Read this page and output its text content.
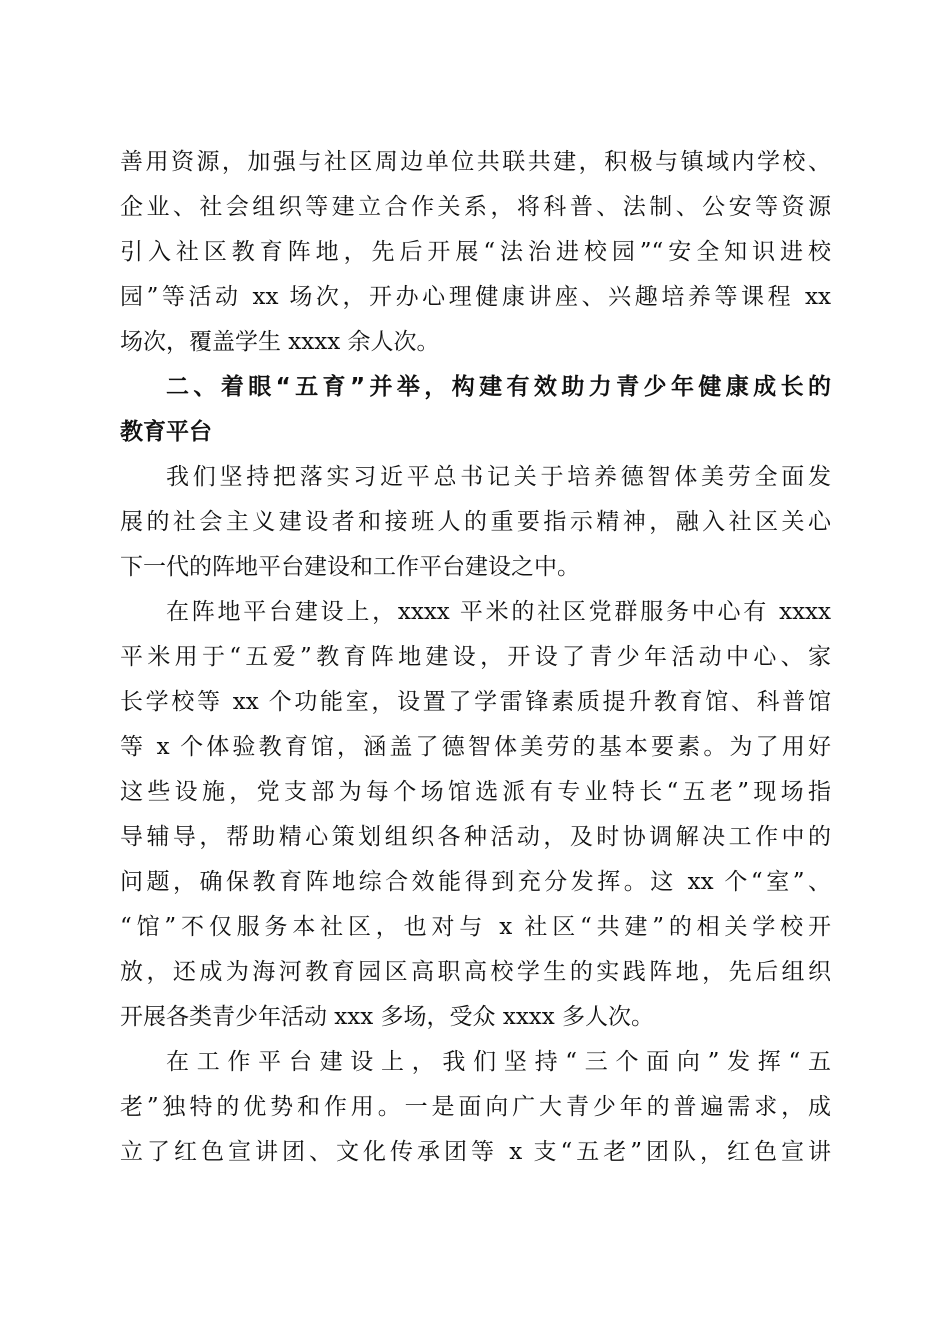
善用资源，加强与社区周边单位共联共建，积极与镇域内学校、
企业、社会组织等建立合作关系，将科普、法制、公安等资源
引入社区教育阵地，先后开展“法治进校园”“安全知识进校
园”等活动 xx 场次，开办心理健康讲座、兴趣培养等课程 xx
场次，覆盖学生 xxxx 余人次。
二、着眼“五育”并举，构建有效助力青少年健康成长的
教育平台
我们坚持把落实习近平总书记关于培养德智体美劳全面发
展的社会主义建设者和接班人的重要指示精神，融入社区关心
下一代的阵地平台建设和工作平台建设之中。
在阵地平台建设上，xxxx 平米的社区党群服务中心有 xxxx
平米用于“五爱”教育阵地建设，开设了青少年活动中心、家
长学校等 xx 个功能室，设置了学雷锋素质提升教育馆、科普馆
等 x 个体验教育馆，涵盖了德智体美劳的基本要素。为了用好
这些设施，党支部为每个场馆选派有专业特长“五老”现场指
导辅导，帮助精心策划组织各种活动，及时协调解决工作中的
问题，确保教育阵地综合效能得到充分发挥。这 xx 个“室”、
“馆”不仅服务本社区，也对与 x 社区“共建”的相关学校开
放，还成为海河教育园区高职高校学生的实践阵地，先后组织
开展各类青少年活动 xxx 多场，受众 xxxx 多人次。
在工作平台建设上，我们坚持“三个面向”发挥“五
老”独特的优势和作用。一是面向广大青少年的普遍需求，成
立了红色宣讲团、文化传承团等 x 支“五老”团队，红色宣讲
